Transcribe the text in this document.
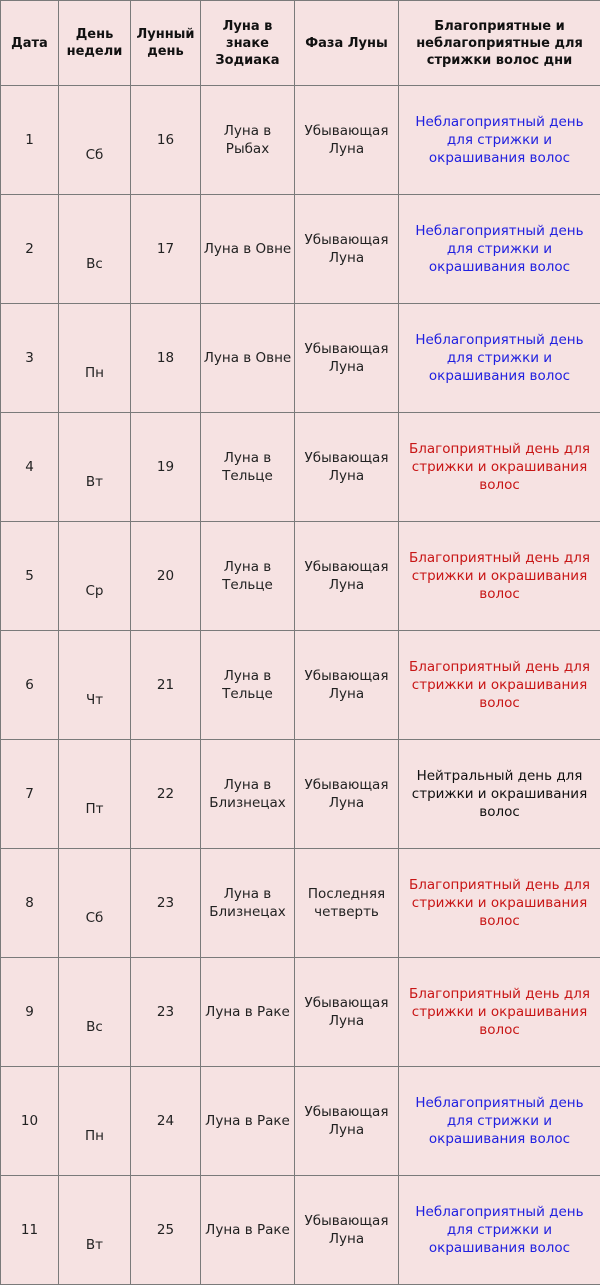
Дата	День недели	Лунный день	Луна в знаке Зодиака	Фаза Луны	Благоприятные и неблагоприятные для стрижки волос дни
1	Сб	16	Луна в Рыбах	Убывающая Луна	Неблагоприятный день для стрижки и окрашивания волос
2	Вс	17	Луна в Овне	Убывающая Луна	Неблагоприятный день для стрижки и окрашивания волос
3	Пн	18	Луна в Овне	Убывающая Луна	Неблагоприятный день для стрижки и окрашивания волос
4	Вт	19	Луна в Тельце	Убывающая Луна	Благоприятный день для стрижки и окрашивания волос
5	Ср	20	Луна в Тельце	Убывающая Луна	Благоприятный день для стрижки и окрашивания волос
6	Чт	21	Луна в Тельце	Убывающая Луна	Благоприятный день для стрижки и окрашивания волос
7	Пт	22	Луна в Близнецах	Убывающая Луна	Нейтральный день для стрижки и окрашивания волос
8	Сб	23	Луна в Близнецах	Последняя четверть	Благоприятный день для стрижки и окрашивания волос
9	Вс	23	Луна в Раке	Убывающая Луна	Благоприятный день для стрижки и окрашивания волос
10	Пн	24	Луна в Раке	Убывающая Луна	Неблагоприятный день для стрижки и окрашивания волос
11	Вт	25	Луна в Раке	Убывающая Луна	Неблагоприятный день для стрижки и окрашивания волос
